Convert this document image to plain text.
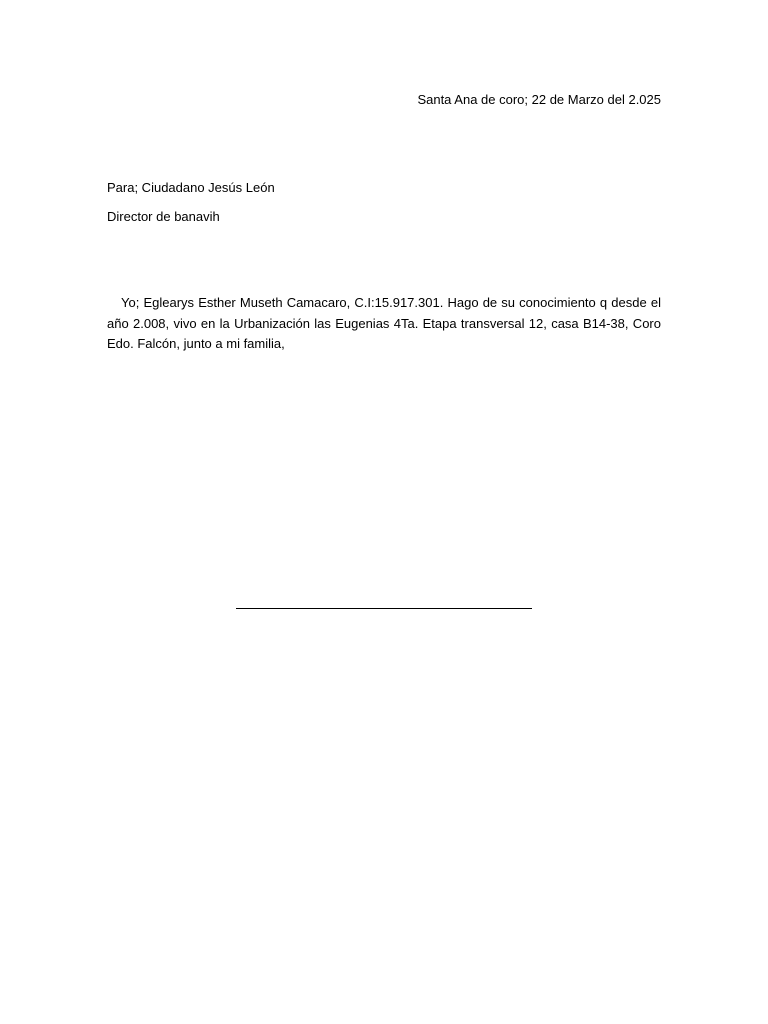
Santa Ana de coro; 22 de Marzo del 2.025
Para; Ciudadano Jesús León
Director de banavih

Yo; Eglearys Esther Museth Camacaro, C.I:15.917.301. Hago de su conocimiento q desde el año 2.008, vivo en la Urbanización las Eugenias 4Ta. Etapa transversal 12, casa B14-38, Coro Edo. Falcón, junto a mi familia,
